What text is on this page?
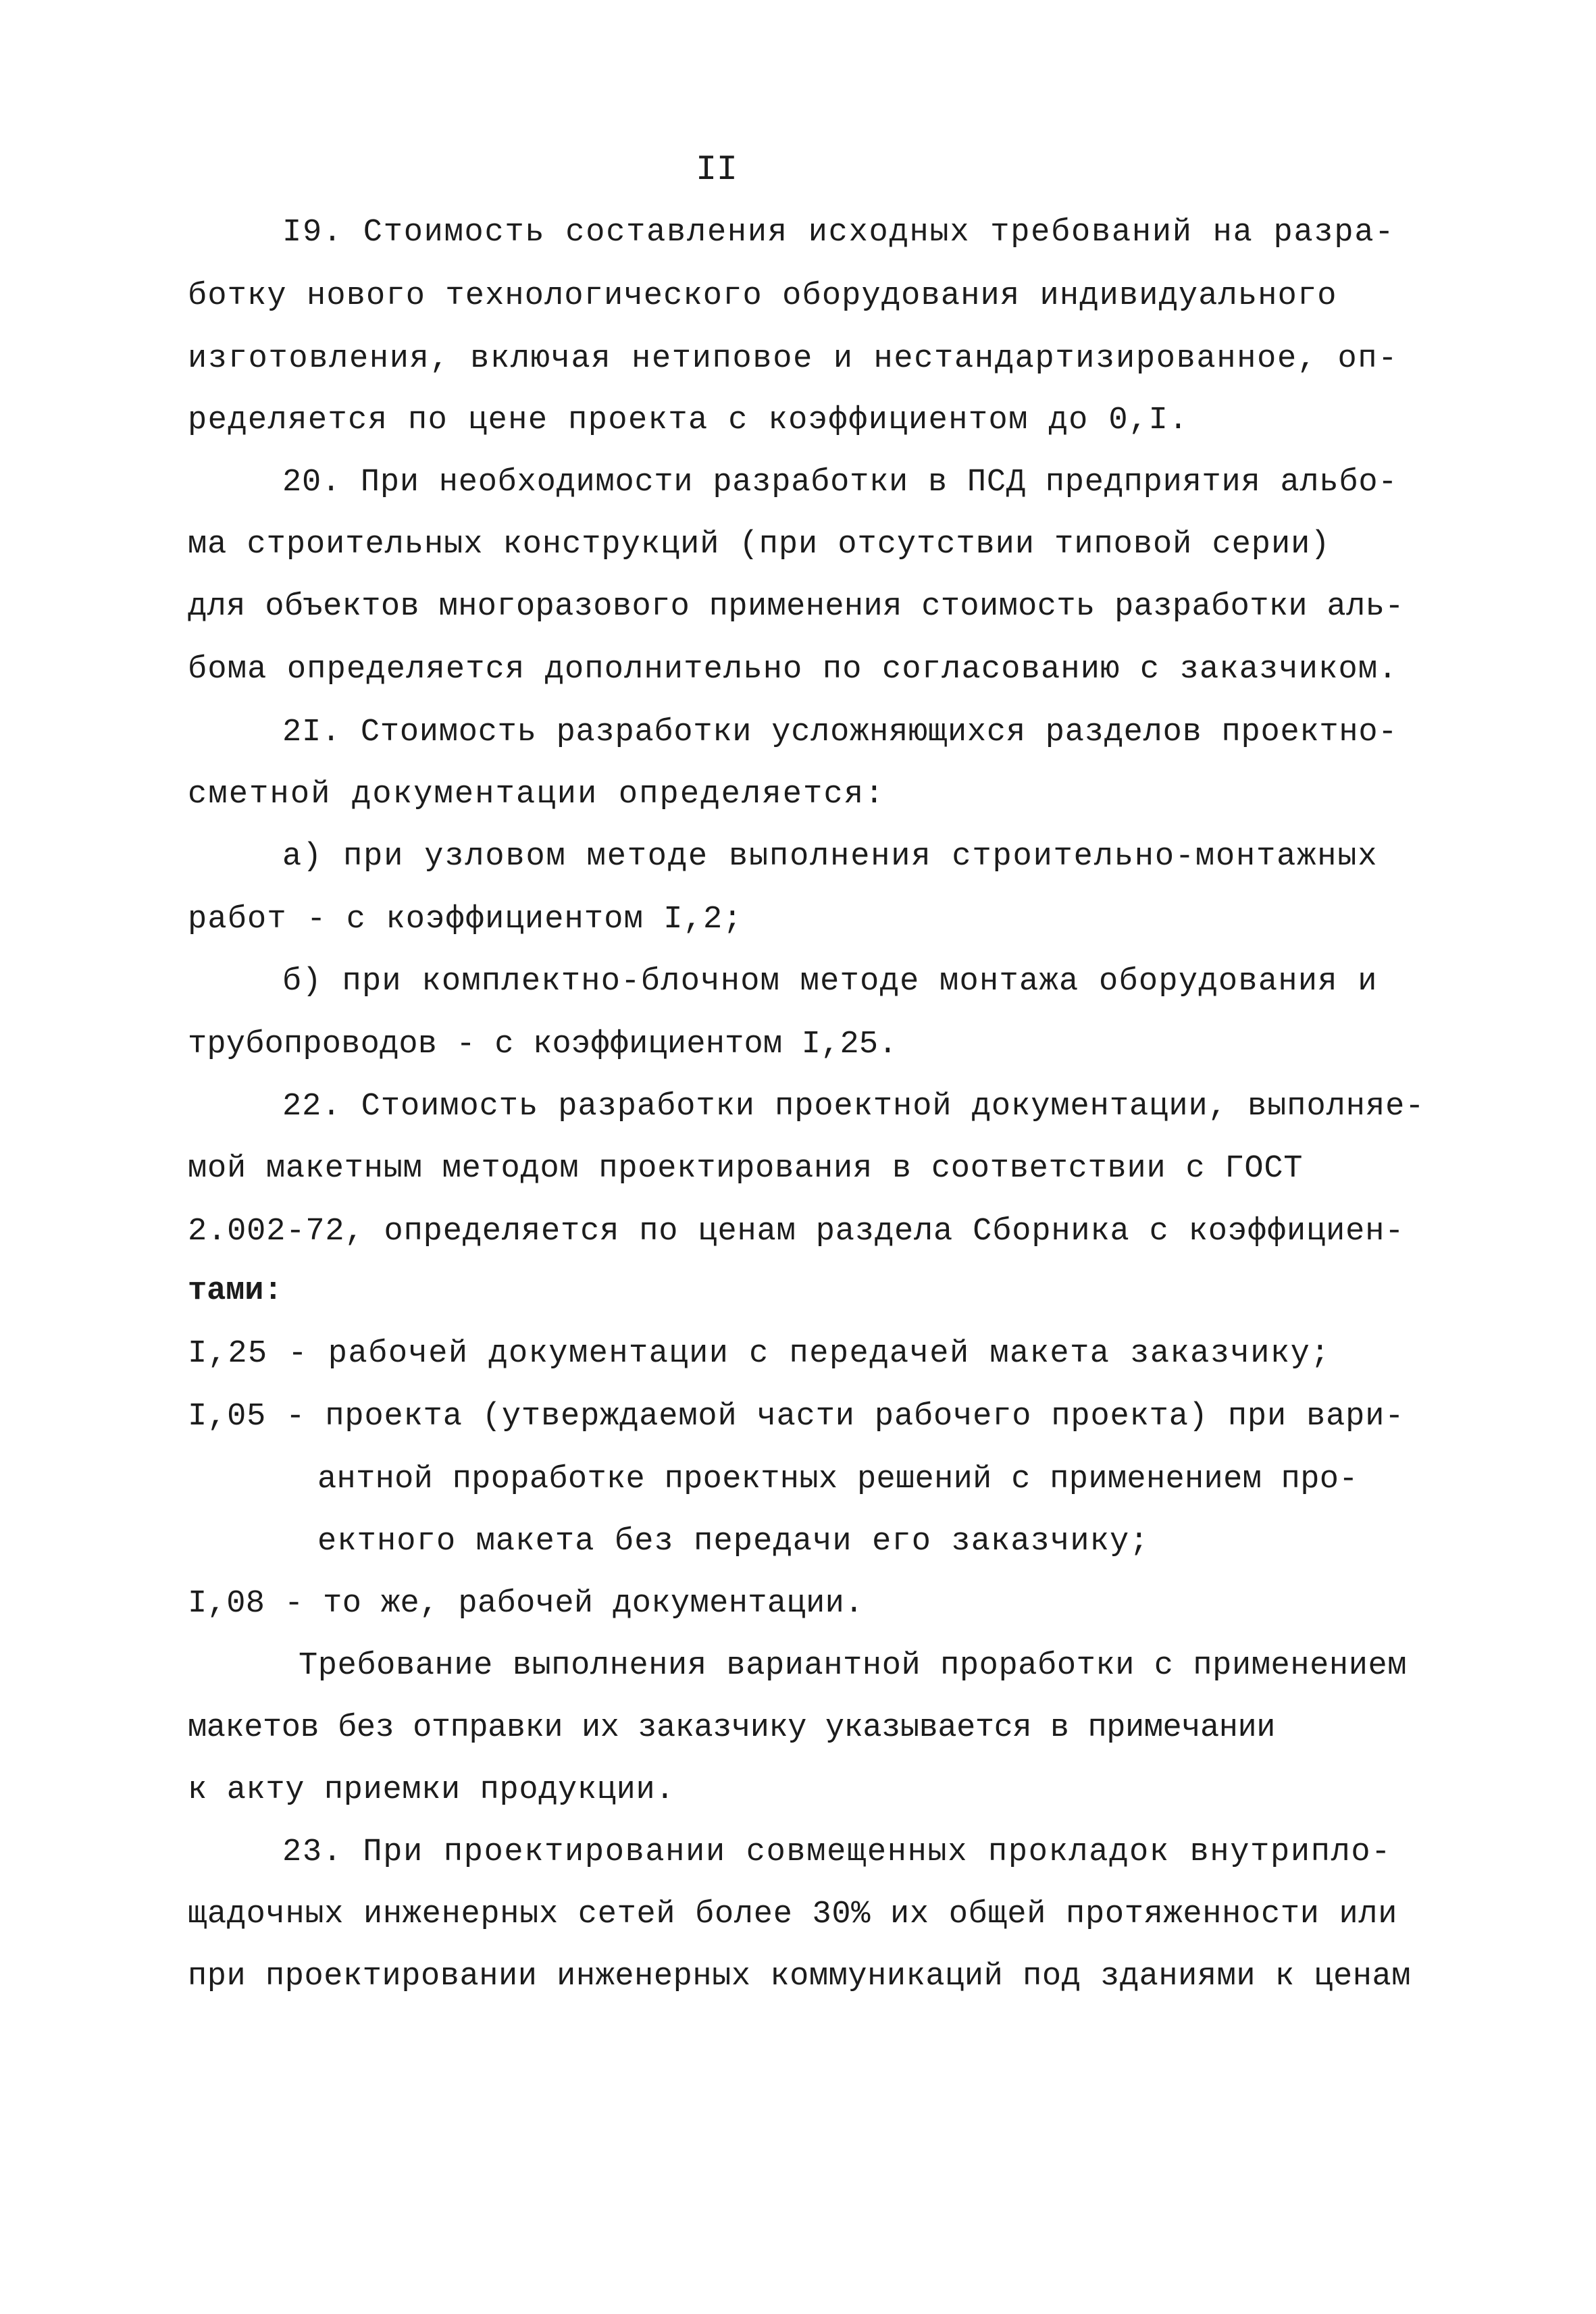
II
I9. Стоимость составления исходных требований на разра-
ботку нового технологического оборудования индивидуального
изготовления, включая нетиповое и нестандартизированное, оп-
ределяется по цене проекта с коэффициентом до 0,I.
20. При необходимости разработки в ПСД предприятия альбо-
ма строительных конструкций (при отсутствии типовой серии)
для объектов многоразового применения стоимость разработки аль-
бома определяется дополнительно по согласованию с заказчиком.
2I. Стоимость разработки усложняющихся разделов проектно-
сметной документации определяется:
а) при узловом методе выполнения строительно-монтажных
работ - с коэффициентом I,2;
б) при комплектно-блочном методе монтажа оборудования и
трубопроводов - с коэффициентом I,25.
22. Стоимость разработки проектной документации, выполняе-
мой макетным методом проектирования в соответствии с ГОСТ
2.002-72, определяется по ценам раздела Сборника с коэффициен-
тами:
I,25 - рабочей документации с передачей макета заказчику;
I,05 - проекта (утверждаемой части рабочего проекта) при вари-
антной проработке проектных решений с применением про-
ектного макета без передачи его заказчику;
I,08 - то же, рабочей документации.
Требование выполнения вариантной проработки с применением
макетов без отправки их заказчику указывается в примечании
к акту приемки продукции.
23. При проектировании совмещенных прокладок внутрипло-
щадочных инженерных сетей более 30% их общей протяженности или
при проектировании инженерных коммуникаций под зданиями к ценам
